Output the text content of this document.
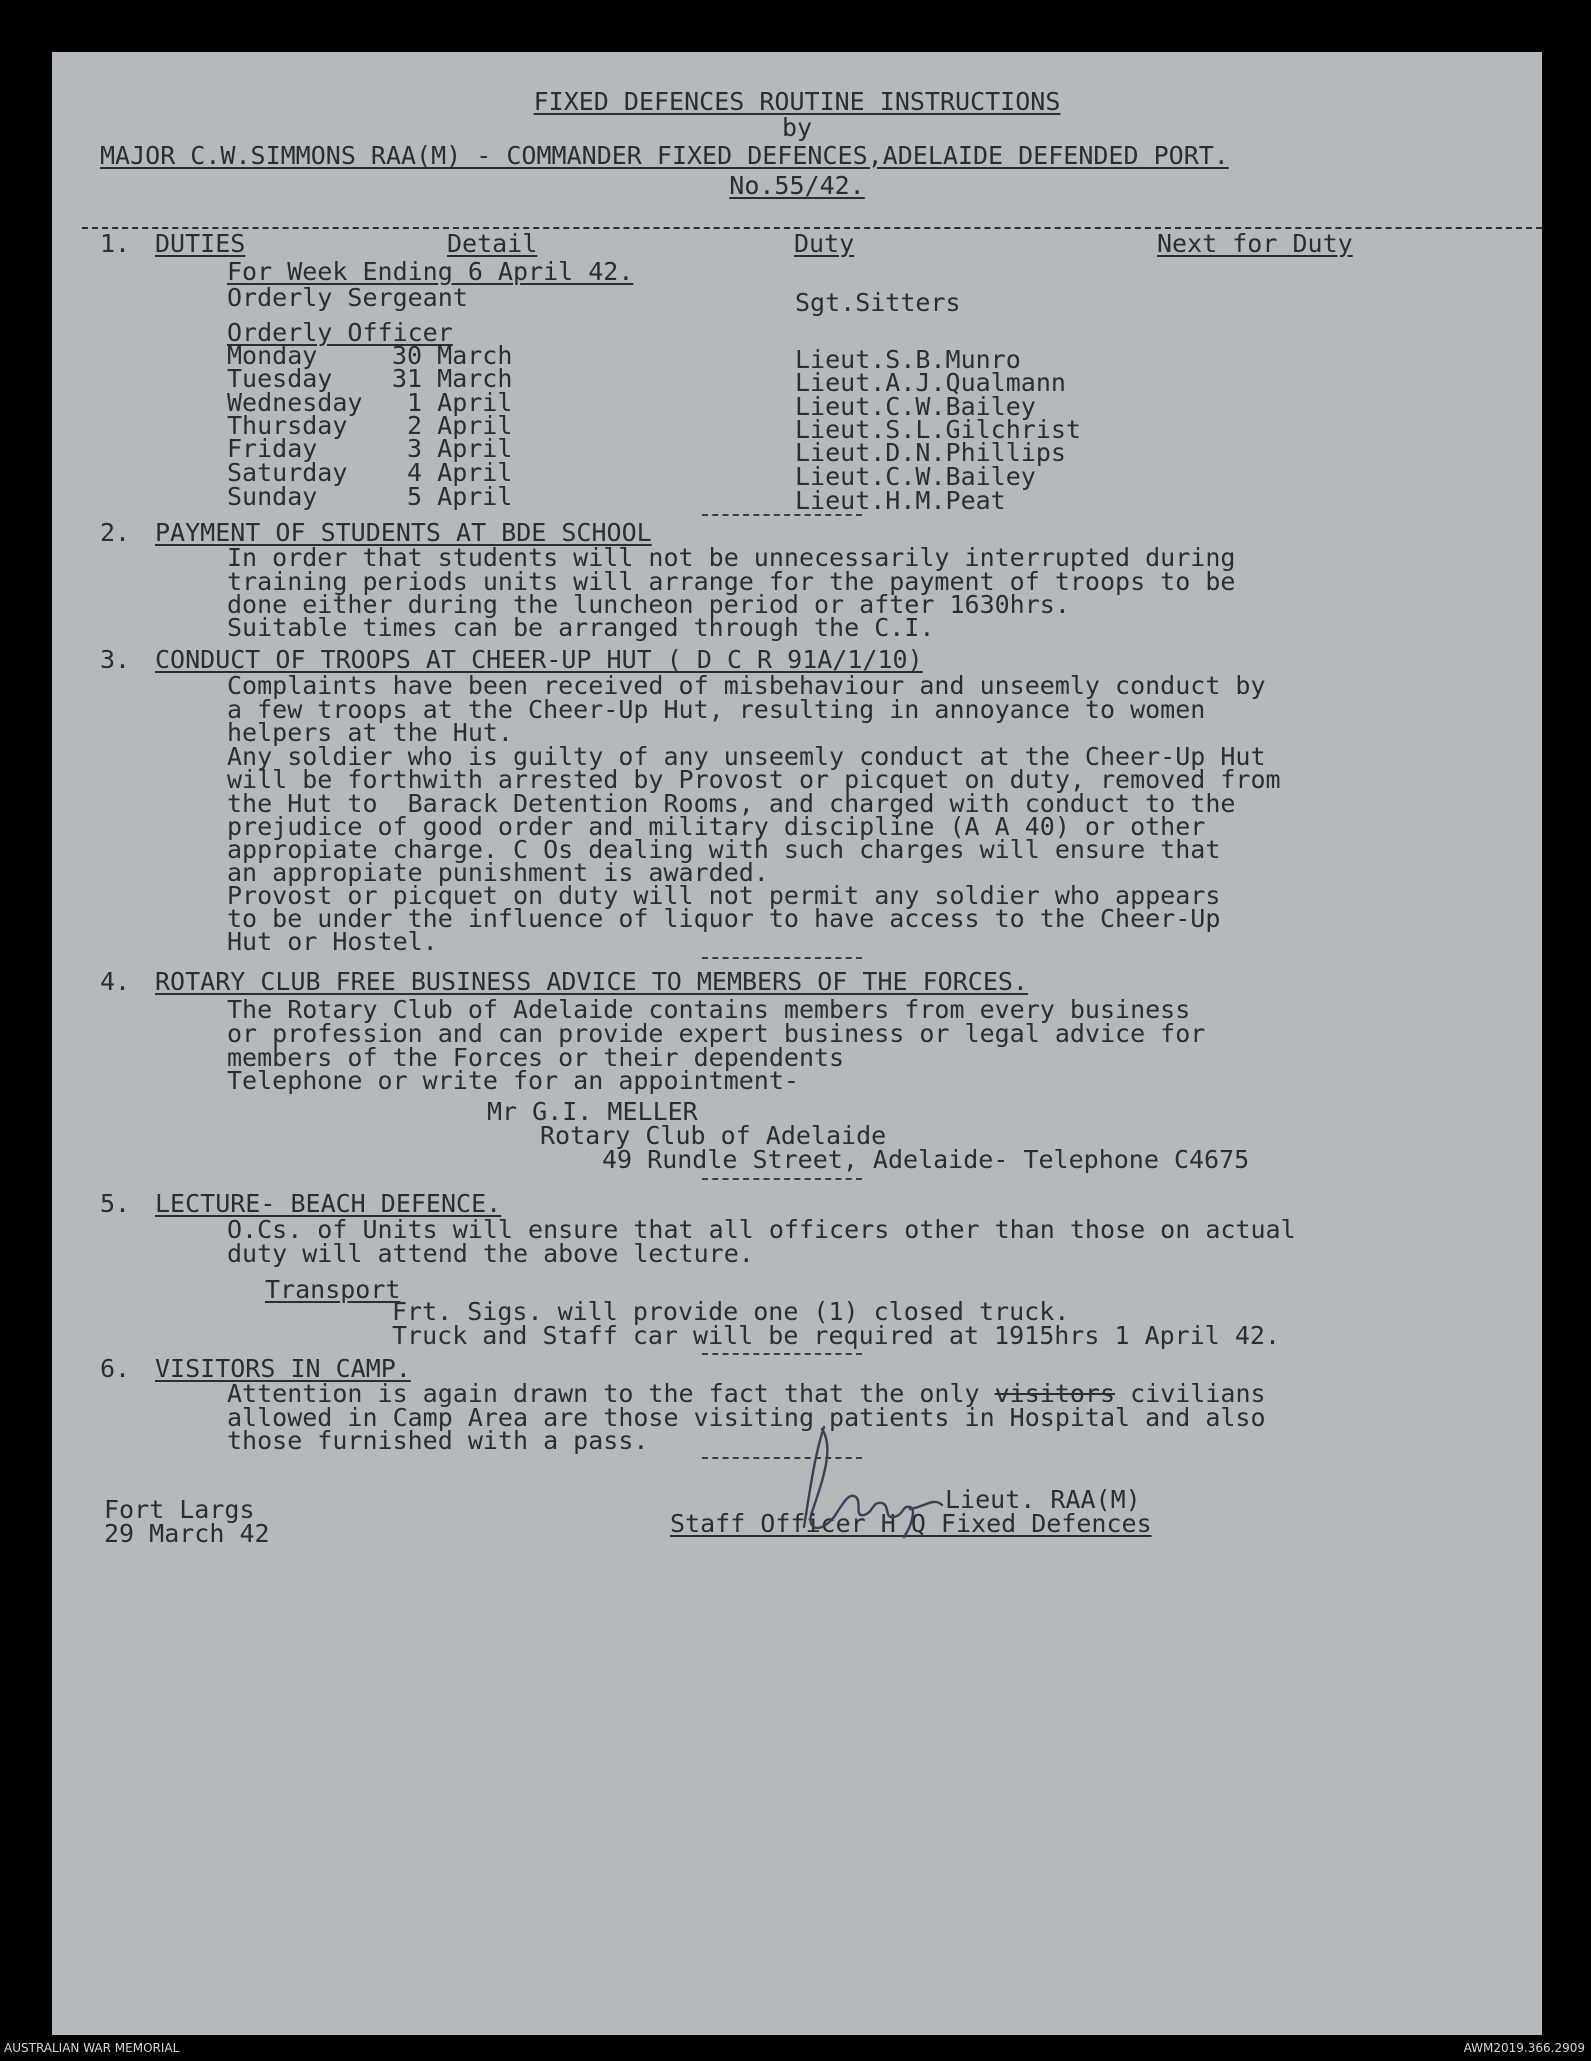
FIXED DEFENCES ROUTINE INSTRUCTIONS
by
MAJOR C.W.SIMMONS RAA(M) - COMMANDER FIXED DEFENCES,ADELAIDE DEFENDED PORT.
No.55/42.
1. DUTIES	Detail	Duty	Next for Duty
For Week Ending 6 April 42.
Orderly Sergeant	Sgt.Sitters
Orderly Officer
Monday	30 March	Lieut.S.B.Munro
Tuesday 31 March	Lieut.A.J.Qualmann
Wednesday 1 April	Lieut.C.W.Bailey
Thursday 2 April	Lieut.S.L.Gilchrist
Friday	3 April	Lieut.D.N.Phillips
Saturday 4 April	Lieut.C.W.Bailey
Sunday	5 April	Lieut.H.M.Peat
2. PAYMENT OF STUDENTS AT BDE SCHOOL
In order that students will not be unnecessarily interrupted during
training periods units will arrange for the payment of troops to be
done either during the luncheon period or after 1630hrs.
Suitable times can be arranged through the C.I.
3. CONDUCT OF TROOPS AT CHEER-UP HUT ( D C R 91A/1/10)
Complaints have been received of misbehaviour and unseemly conduct by
a few troops at the Cheer-Up Hut, resulting in annoyance to women
helpers at the Hut.
Any soldier who is guilty of any unseemly conduct at the Cheer-Up Hut
will be forthwith arrested by Provost or picquet on duty, removed from
the Hut to  Barack Detention Rooms, and charged with conduct to the
prejudice of good order and military discipline (A A 40) or other
appropiate charge. C Os dealing with such charges will ensure that
an appropiate punishment is awarded.
Provost or picquet on duty will not permit any soldier who appears
to be under the influence of liquor to have access to the Cheer-Up
Hut or Hostel.
4. ROTARY CLUB FREE BUSINESS ADVICE TO MEMBERS OF THE FORCES.
The Rotary Club of Adelaide contains members from every business
or profession and can provide expert business or legal advice for
members of the Forces or their dependents
Telephone or write for an appointment-
Mr G.I. MELLER
Rotary Club of Adelaide
49 Rundle Street, Adelaide- Telephone C4675
5. LECTURE- BEACH DEFENCE.
O.Cs. of Units will ensure that all officers other than those on actual
duty will attend the above lecture.
Transport
Frt. Sigs. will provide one (1) closed truck.
Truck and Staff car will be required at 1915hrs 1 April 42.
6. VISITORS IN CAMP.
Attention is again drawn to the fact that the only visitors civilians
allowed in Camp Area are those visiting patients in Hospital and also
those furnished with a pass.
Fort Largs
29 March 42
Lieut. RAA(M)
Staff Officer H Q Fixed Defences
AUSTRALIAN WAR MEMORIAL	AWM2019.366.2909
